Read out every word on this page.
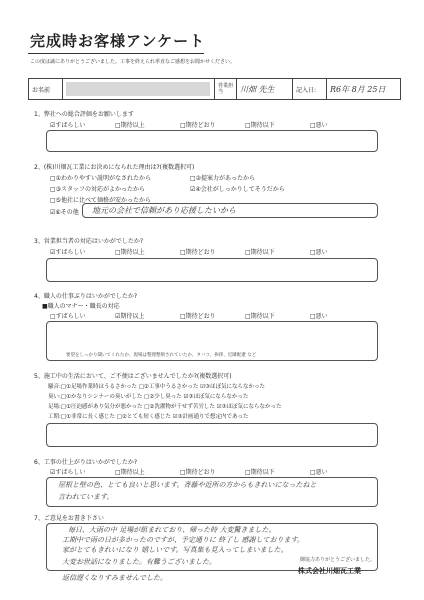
完成時お客様アンケート
この度は誠にありがとうございました。工事を終えられ率直なご感想をお聞かせください。
お名前
営業担当	川畑 先生	記入日:	R6年 8月 25日
1、弊社への総合評価をお願いします
☑すばらしい	□期待以上	□期待どおり	□期待以下	□悪い
2、(株)川畑瓦工業にお決めになられた理由は?(複数選択可)
□①わかりやすい説明がなされたから	□②提案力があったから
□③スタッフの対応がよかったから	☑④会社がしっかりしてそうだから
□⑤他社に比べて価格が安かったから
☑⑥その他 地元の会社で信頼があり応援したいから
3、営業担当者の対応はいかがでしたか?
☑すばらしい	□期待以上	□期待どおり	□期待以下	□悪い
4、職人の仕事ぶりはいかがでしたか?
■職人のマナー・職長の対応
□すばらしい	☑期待以上	□期待どおり	□期待以下	□悪い
要望をしっかり聞いてくれたか、現場は整理整頓されていたか、タバコ、挨拶、近隣配慮 など
5、施工中の生活において、ご不便はございませんでしたか?(複数選択可)
騒音:□①足場作業時はうるさかった □②工事中うるさかった ☑③ほぼ気にならなかった
臭い:□①かなりシンナーの臭いがした □②少し臭った ☑③ほぼ気にならなかった
足場:□①圧迫感があり気分が悪かった □②洗濯物が干せず苦労した ☑③ほぼ気にならなかった
工期:□①非常に長く感じた □②とても短く感じた ☑③計画通りで想定内であった
6、工事の仕上がりはいかがでしたか?
☑すばらしい	□期待以上	□期待どおり	□期待以下	□悪い
屋根と壁の色、とても良いと思います。斉藤や近所の方からもきれいになったねと
言われています。
7、ご意見をお書き下さい
毎日、大雨の中 足場が組まれており、帰った時 大変驚きました。
工期中で雨の日が多かったのですが、予定通りに 終了し 感謝しております。
家がとてもきれいになり 嬉しいです。写真集も見入ってしまいました。
大変お世話になりました。有難うございました。
返信遅くなりすみませんでした。
御協力ありがとうございました。
株式会社川畑瓦工業
